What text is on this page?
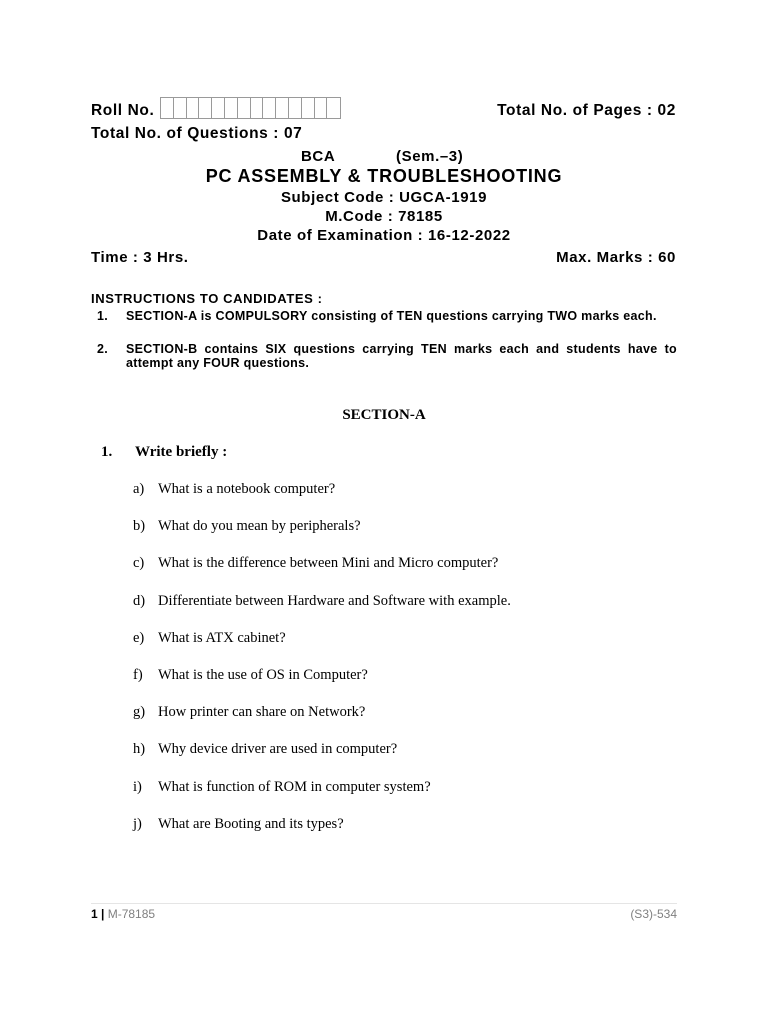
Roll No.	Total No. of Pages : 02
Total No. of Questions : 07
BCA	(Sem.–3)
PC ASSEMBLY & TROUBLESHOOTING
Subject Code : UGCA-1919
M.Code : 78185
Date of Examination : 16-12-2022
Time : 3 Hrs.	Max. Marks : 60
INSTRUCTIONS TO CANDIDATES :
1. SECTION-A is COMPULSORY consisting of TEN questions carrying TWO marks each.
2. SECTION-B contains SIX questions carrying TEN marks each and students have to attempt any FOUR questions.
SECTION-A
1. Write briefly :
a) What is a notebook computer?
b) What do you mean by peripherals?
c) What is the difference between Mini and Micro computer?
d) Differentiate between Hardware and Software with example.
e) What is ATX cabinet?
f) What is the use of OS in Computer?
g) How printer can share on Network?
h) Why device driver are used in computer?
i) What is function of ROM in computer system?
j) What are Booting and its types?
1 | M-78185	(S3)-534
